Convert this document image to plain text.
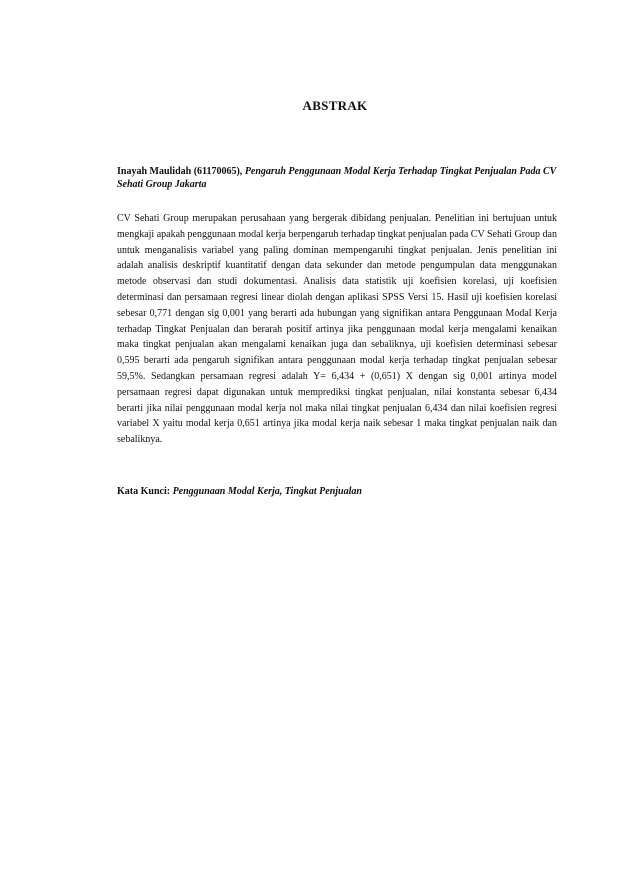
ABSTRAK
Inayah Maulidah (61170065), Pengaruh Penggunaan Modal Kerja Terhadap Tingkat Penjualan Pada CV Sehati Group Jakarta

CV Sehati Group merupakan perusahaan yang bergerak dibidang penjualan. Penelitian ini bertujuan untuk mengkaji apakah penggunaan modal kerja berpengaruh terhadap tingkat penjualan pada CV Sehati Group dan untuk menganalisis variabel yang paling dominan mempengaruhi tingkat penjualan. Jenis penelitian ini adalah analisis deskriptif kuantitatif dengan data sekunder dan metode pengumpulan data menggunakan metode observasi dan studi dokumentasi. Analisis data statistik uji koefisien korelasi, uji koefisien determinasi dan persamaan regresi linear diolah dengan aplikasi SPSS Versi 15. Hasil uji koefisien korelasi sebesar 0,771 dengan sig 0,001 yang berarti ada hubungan yang signifikan antara Penggunaan Modal Kerja terhadap Tingkat Penjualan dan berarah positif artinya jika penggunaan modal kerja mengalami kenaikan maka tingkat penjualan akan mengalami kenaikan juga dan sebaliknya, uji koefisien determinasi sebesar 0,595 berarti ada pengaruh signifikan antara penggunaan modal kerja terhadap tingkat penjualan sebesar 59,5%. Sedangkan persamaan regresi adalah Y= 6,434 + (0,651) X dengan sig 0,001 artinya model persamaan regresi dapat digunakan untuk memprediksi tingkat penjualan, nilai konstanta sebesar 6,434 berarti jika nilai penggunaan modal kerja nol maka nilai tingkat penjualan 6,434 dan nilai koefisien regresi variabel X yaitu modal kerja 0,651 artinya jika modal kerja naik sebesar 1 maka tingkat penjualan naik dan sebaliknya.

Kata Kunci: Penggunaan Modal Kerja, Tingkat Penjualan
